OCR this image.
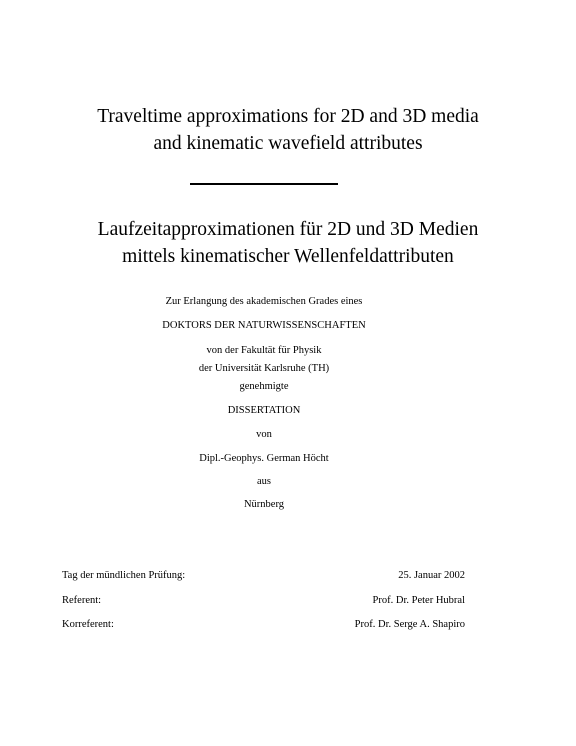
Traveltime approximations for 2D and 3D media
and kinematic wavefield attributes
Laufzeitapproximationen für 2D und 3D Medien
mittels kinematischer Wellenfeldattributen
Zur Erlangung des akademischen Grades eines
DOKTORS DER NATURWISSENSCHAFTEN
von der Fakultät für Physik
der Universität Karlsruhe (TH)
genehmigte
DISSERTATION
von
Dipl.-Geophys. German Höcht
aus
Nürnberg
Tag der mündlichen Prüfung:	25. Januar 2002
Referent:	Prof. Dr. Peter Hubral
Korreferent:	Prof. Dr. Serge A. Shapiro
